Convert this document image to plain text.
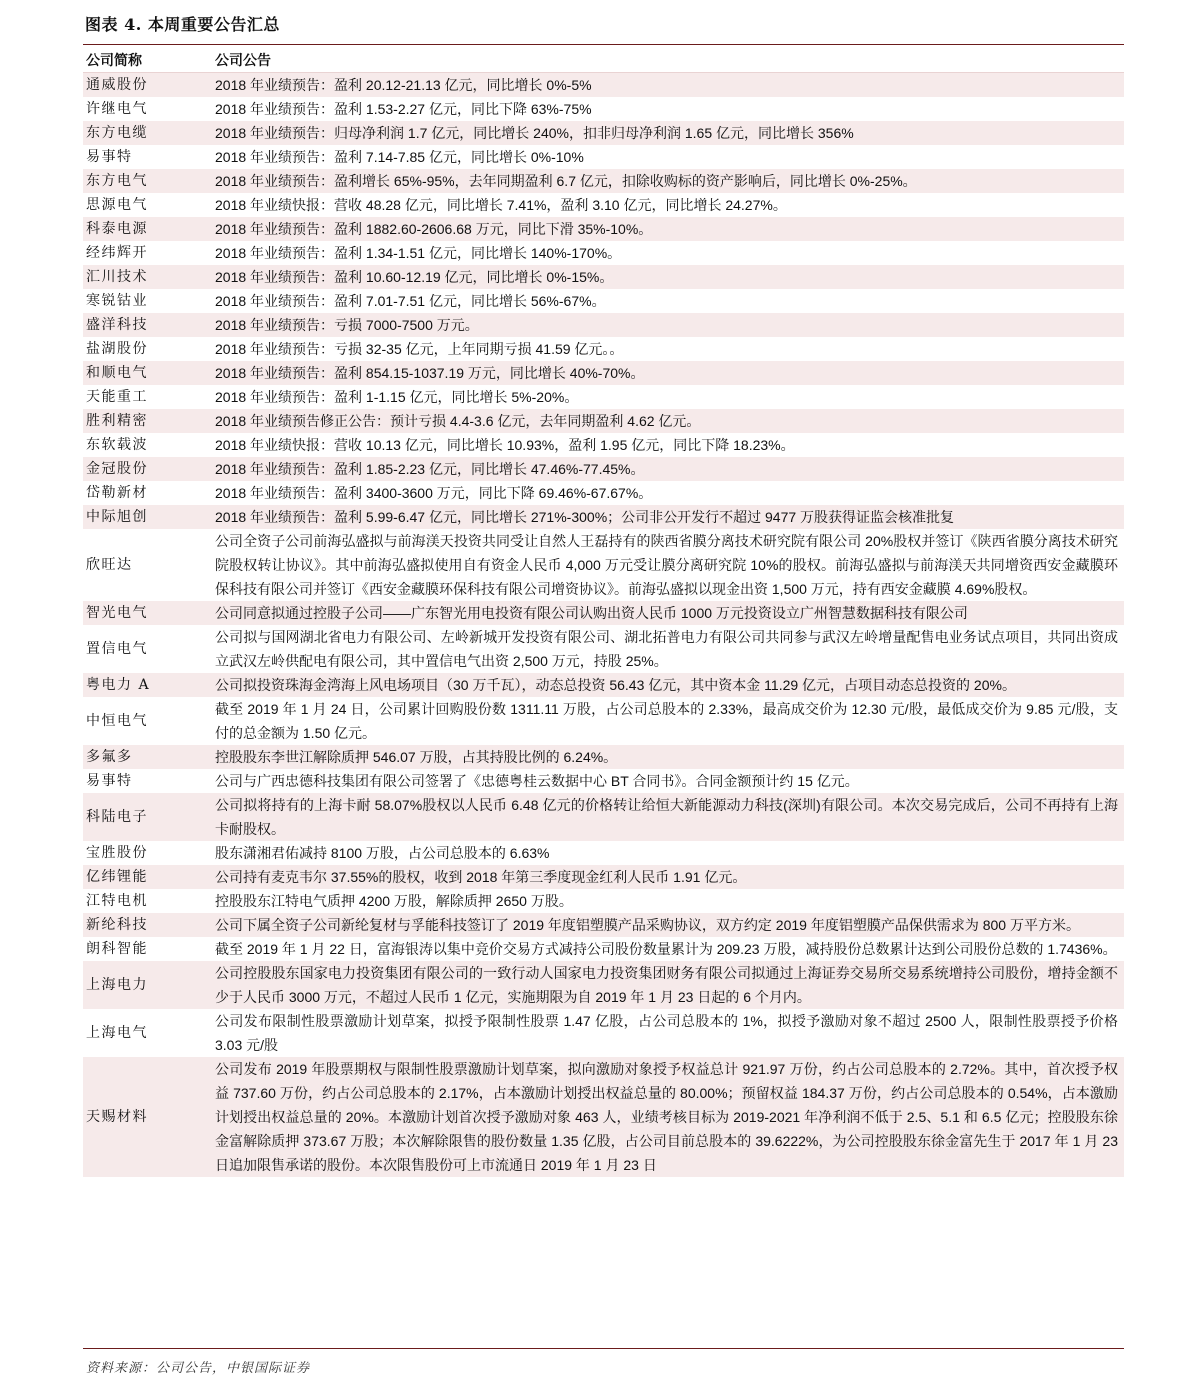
图表 4. 本周重要公告汇总
公司简称	公司公告
通威股份	2018 年业绩预告：盈利 20.12-21.13 亿元，同比增长 0%-5%
许继电气	2018 年业绩预告：盈利 1.53-2.27 亿元，同比下降 63%-75%
东方电缆	2018 年业绩预告：归母净利润 1.7 亿元，同比增长 240%，扣非归母净利润 1.65 亿元，同比增长 356%
易事特	2018 年业绩预告：盈利 7.14-7.85 亿元，同比增长 0%-10%
东方电气	2018 年业绩预告：盈利增长 65%-95%，去年同期盈利 6.7 亿元，扣除收购标的资产影响后，同比增长 0%-25%。
思源电气	2018 年业绩快报：营收 48.28 亿元，同比增长 7.41%，盈利 3.10 亿元，同比增长 24.27%。
科泰电源	2018 年业绩预告：盈利 1882.60-2606.68 万元，同比下滑 35%-10%。
经纬辉开	2018 年业绩预告：盈利 1.34-1.51 亿元，同比增长 140%-170%。
汇川技术	2018 年业绩预告：盈利 10.60-12.19 亿元，同比增长 0%-15%。
寒锐钴业	2018 年业绩预告：盈利 7.01-7.51 亿元，同比增长 56%-67%。
盛洋科技	2018 年业绩预告：亏损 7000-7500 万元。
盐湖股份	2018 年业绩预告：亏损 32-35 亿元，上年同期亏损 41.59 亿元。。
和顺电气	2018 年业绩预告：盈利 854.15-1037.19 万元，同比增长 40%-70%。
天能重工	2018 年业绩预告：盈利 1-1.15 亿元，同比增长 5%-20%。
胜利精密	2018 年业绩预告修正公告：预计亏损 4.4-3.6 亿元，去年同期盈利 4.62 亿元。
东软载波	2018 年业绩快报：营收 10.13 亿元，同比增长 10.93%，盈利 1.95 亿元，同比下降 18.23%。
金冠股份	2018 年业绩预告：盈利 1.85-2.23 亿元，同比增长 47.46%-77.45%。
岱勒新材	2018 年业绩预告：盈利 3400-3600 万元，同比下降 69.46%-67.67%。
中际旭创	2018 年业绩预告：盈利 5.99-6.47 亿元，同比增长 271%-300%；公司非公开发行不超过 9477 万股获得证监会核准批复
欣旺达	公司全资子公司前海弘盛拟与前海渼天投资共同受让自然人王磊持有的陕西省膜分离技术研究院有限公司 20%股权并签订《陕西省膜分离技术研究院股权转让协议》。其中前海弘盛拟使用自有资金人民币 4,000 万元受让膜分离研究院 10%的股权。前海弘盛拟与前海渼天共同增资西安金藏膜环保科技有限公司并签订《西安金藏膜环保科技有限公司增资协议》。前海弘盛拟以现金出资 1,500 万元，持有西安金藏膜 4.69%股权。
智光电气	公司同意拟通过控股子公司——广东智光用电投资有限公司认购出资人民币 1000 万元投资设立广州智慧数据科技有限公司
置信电气	公司拟与国网湖北省电力有限公司、左岭新城开发投资有限公司、湖北拓普电力有限公司共同参与武汉左岭增量配售电业务试点项目，共同出资成立武汉左岭供配电有限公司，其中置信电气出资 2,500 万元，持股 25%。
粤电力 A	公司拟投资珠海金湾海上风电场项目（30 万千瓦），动态总投资 56.43 亿元，其中资本金 11.29 亿元，占项目动态总投资的 20%。
中恒电气	截至 2019 年 1 月 24 日，公司累计回购股份数 1311.11 万股，占公司总股本的 2.33%，最高成交价为 12.30 元/股，最低成交价为 9.85 元/股，支付的总金额为 1.50 亿元。
多氟多	控股股东李世江解除质押 546.07 万股，占其持股比例的 6.24%。
易事特	公司与广西忠德科技集团有限公司签署了《忠德粤桂云数据中心 BT 合同书》。合同金额预计约 15 亿元。
科陆电子	公司拟将持有的上海卡耐 58.07%股权以人民币 6.48 亿元的价格转让给恒大新能源动力科技(深圳)有限公司。本次交易完成后，公司不再持有上海卡耐股权。
宝胜股份	股东潇湘君佑减持 8100 万股，占公司总股本的 6.63%
亿纬锂能	公司持有麦克韦尔 37.55%的股权，收到 2018 年第三季度现金红利人民币 1.91 亿元。
江特电机	控股股东江特电气质押 4200 万股，解除质押 2650 万股。
新纶科技	公司下属全资子公司新纶复材与孚能科技签订了 2019 年度铝塑膜产品采购协议，双方约定 2019 年度铝塑膜产品保供需求为 800 万平方米。
朗科智能	截至 2019 年 1 月 22 日，富海银涛以集中竞价交易方式减持公司股份数量累计为 209.23 万股，减持股份总数累计达到公司股份总数的 1.7436%。
上海电力	公司控股股东国家电力投资集团有限公司的一致行动人国家电力投资集团财务有限公司拟通过上海证券交易所交易系统增持公司股份，增持金额不少于人民币 3000 万元，不超过人民币 1 亿元，实施期限为自 2019 年 1 月 23 日起的 6 个月内。
上海电气	公司发布限制性股票激励计划草案，拟授予限制性股票 1.47 亿股，占公司总股本的 1%，拟授予激励对象不超过 2500 人，限制性股票授予价格 3.03 元/股
天赐材料	公司发布 2019 年股票期权与限制性股票激励计划草案，拟向激励对象授予权益总计 921.97 万份，约占公司总股本的 2.72%。其中，首次授予权益 737.60 万份，约占公司总股本的 2.17%，占本激励计划授出权益总量的 80.00%；预留权益 184.37 万份，约占公司总股本的 0.54%，占本激励计划授出权益总量的 20%。本激励计划首次授予激励对象 463 人，业绩考核目标为 2019-2021 年净利润不低于 2.5、5.1 和 6.5 亿元；控股股东徐金富解除质押 373.67 万股；本次解除限售的股份数量 1.35 亿股，占公司目前总股本的 39.6222%，为公司控股股东徐金富先生于 2017 年 1 月 23 日追加限售承诺的股份。本次限售股份可上市流通日 2019 年 1 月 23 日
资料来源：公司公告，中银国际证券
